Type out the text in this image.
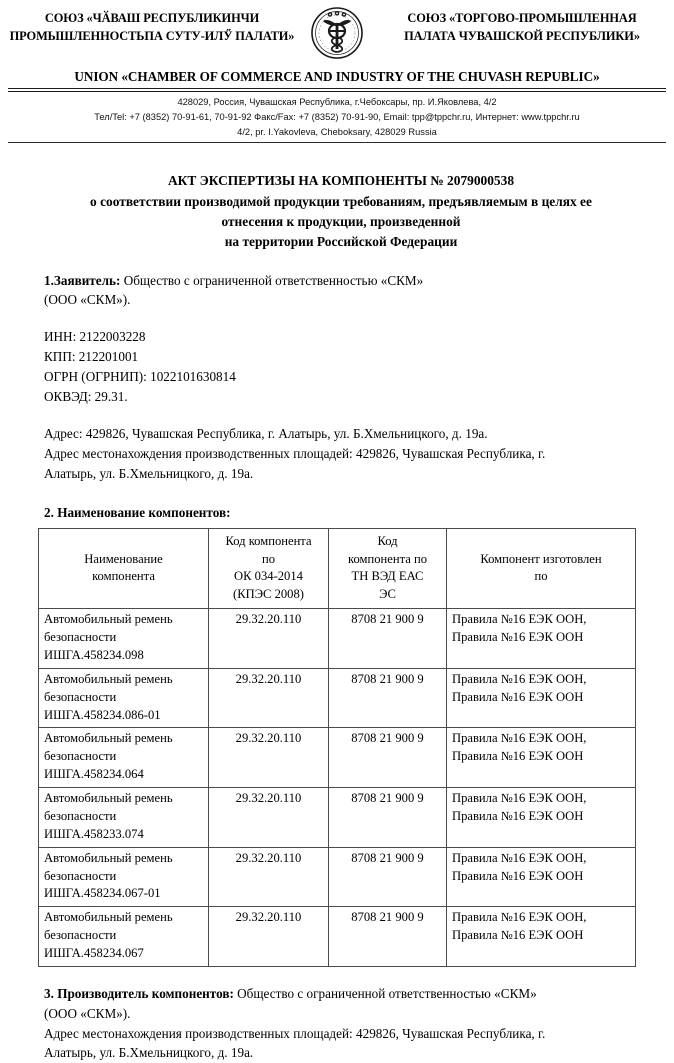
СОЮЗ «ЧӐВАШ РЕСПУБЛИКИНЧИ
ПРОМЫШЛЕННОСТЬПА СУТУ-ИЛӲ ПАЛАТИ»
СОЮЗ «ТОРГОВО-ПРОМЫШЛЕННАЯ
ПАЛАТА ЧУВАШСКОЙ РЕСПУБЛИКИ»
UNION «CHAMBER OF COMMERCE AND INDUSTRY OF THE CHUVASH REPUBLIC»
428029, Россия, Чувашская Республика, г.Чебоксары, пр. И.Яковлева, 4/2
Тел/Tel: +7 (8352) 70-91-61, 70-91-92 Факс/Fax: +7 (8352) 70-91-90, Email: tpp@tppchr.ru, Интернет: www.tppchr.ru
4/2, pr. I.Yakovleva, Cheboksary, 428029 Russia
АКТ ЭКСПЕРТИЗЫ НА КОМПОНЕНТЫ № 2079000538
о соответствии производимой продукции требованиям, предъявляемым в целях ее
отнесения к продукции, произведенной
на территории Российской Федерации
1.Заявитель: Общество с ограниченной ответственностью «СКМ»
(ООО «СКМ»).
ИНН: 2122003228
КПП: 212201001
ОГРН (ОГРНИП): 1022101630814
ОКВЭД: 29.31.
Адрес: 429826, Чувашская Республика, г. Алатырь, ул. Б.Хмельницкого, д. 19а.
Адрес местонахождения производственных площадей: 429826, Чувашская Республика, г.
Алатырь, ул. Б.Хмельницкого, д. 19а.
2. Наименование компонентов:
Наименование
компонента	Код компонента
по
ОК 034-2014
(КПЭС 2008)	Код
компонента по
ТН ВЭД ЕАС
ЭС	Компонент изготовлен
по

Автомобильный ремень
безопасности
ИШГА.458234.098	29.32.20.110	8708 21 900 9	Правила №16 ЕЭК ООН,
Правила №16 ЕЭК ООН

Автомобильный ремень
безопасности
ИШГА.458234.086-01	29.32.20.110	8708 21 900 9	Правила №16 ЕЭК ООН,
Правила №16 ЕЭК ООН

Автомобильный ремень
безопасности
ИШГА.458234.064	29.32.20.110	8708 21 900 9	Правила №16 ЕЭК ООН,
Правила №16 ЕЭК ООН

Автомобильный ремень
безопасности
ИШГА.458233.074	29.32.20.110	8708 21 900 9	Правила №16 ЕЭК ООН,
Правила №16 ЕЭК ООН

Автомобильный ремень
безопасности
ИШГА.458234.067-01	29.32.20.110	8708 21 900 9	Правила №16 ЕЭК ООН,
Правила №16 ЕЭК ООН

Автомобильный ремень
безопасности
ИШГА.458234.067	29.32.20.110	8708 21 900 9	Правила №16 ЕЭК ООН,
Правила №16 ЕЭК ООН
3. Производитель компонентов: Общество с ограниченной ответственностью «СКМ»
(ООО «СКМ»).
Адрес местонахождения производственных площадей: 429826, Чувашская Республика, г.
Алатырь, ул. Б.Хмельницкого, д. 19а.
